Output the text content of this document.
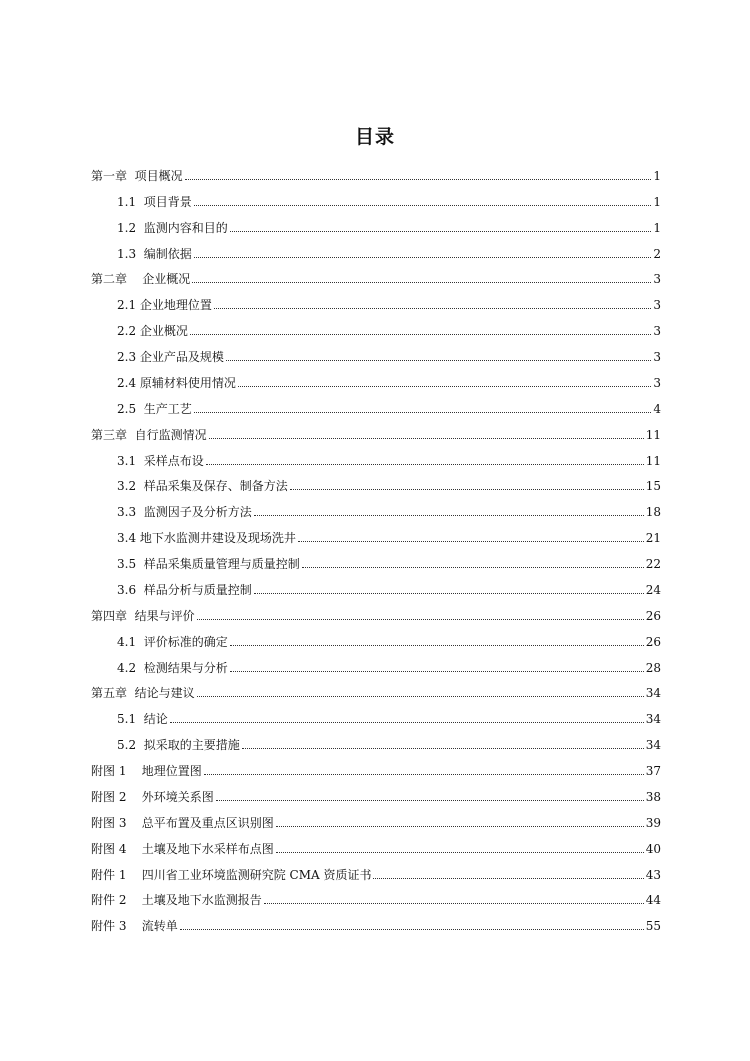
目录
第一章  项目概况	1
1.1  项目背景	1
1.2  监测内容和目的	1
1.3  编制依据	2
第二章    企业概况	3
2.1 企业地理位置	3
2.2 企业概况	3
2.3 企业产品及规模	3
2.4 原辅材料使用情况	3
2.5  生产工艺	4
第三章  自行监测情况	11
3.1  采样点布设	11
3.2  样品采集及保存、制备方法	15
3.3  监测因子及分析方法	18
3.4 地下水监测井建设及现场洗井	21
3.5  样品采集质量管理与质量控制	22
3.6  样品分析与质量控制	24
第四章  结果与评价	26
4.1  评价标准的确定	26
4.2  检测结果与分析	28
第五章  结论与建议	34
5.1  结论	34
5.2  拟采取的主要措施	34
附图 1    地理位置图	37
附图 2    外环境关系图	38
附图 3    总平布置及重点区识别图	39
附图 4    土壤及地下水采样布点图	40
附件 1    四川省工业环境监测研究院 CMA 资质证书	43
附件 2    土壤及地下水监测报告	44
附件 3    流转单	55
